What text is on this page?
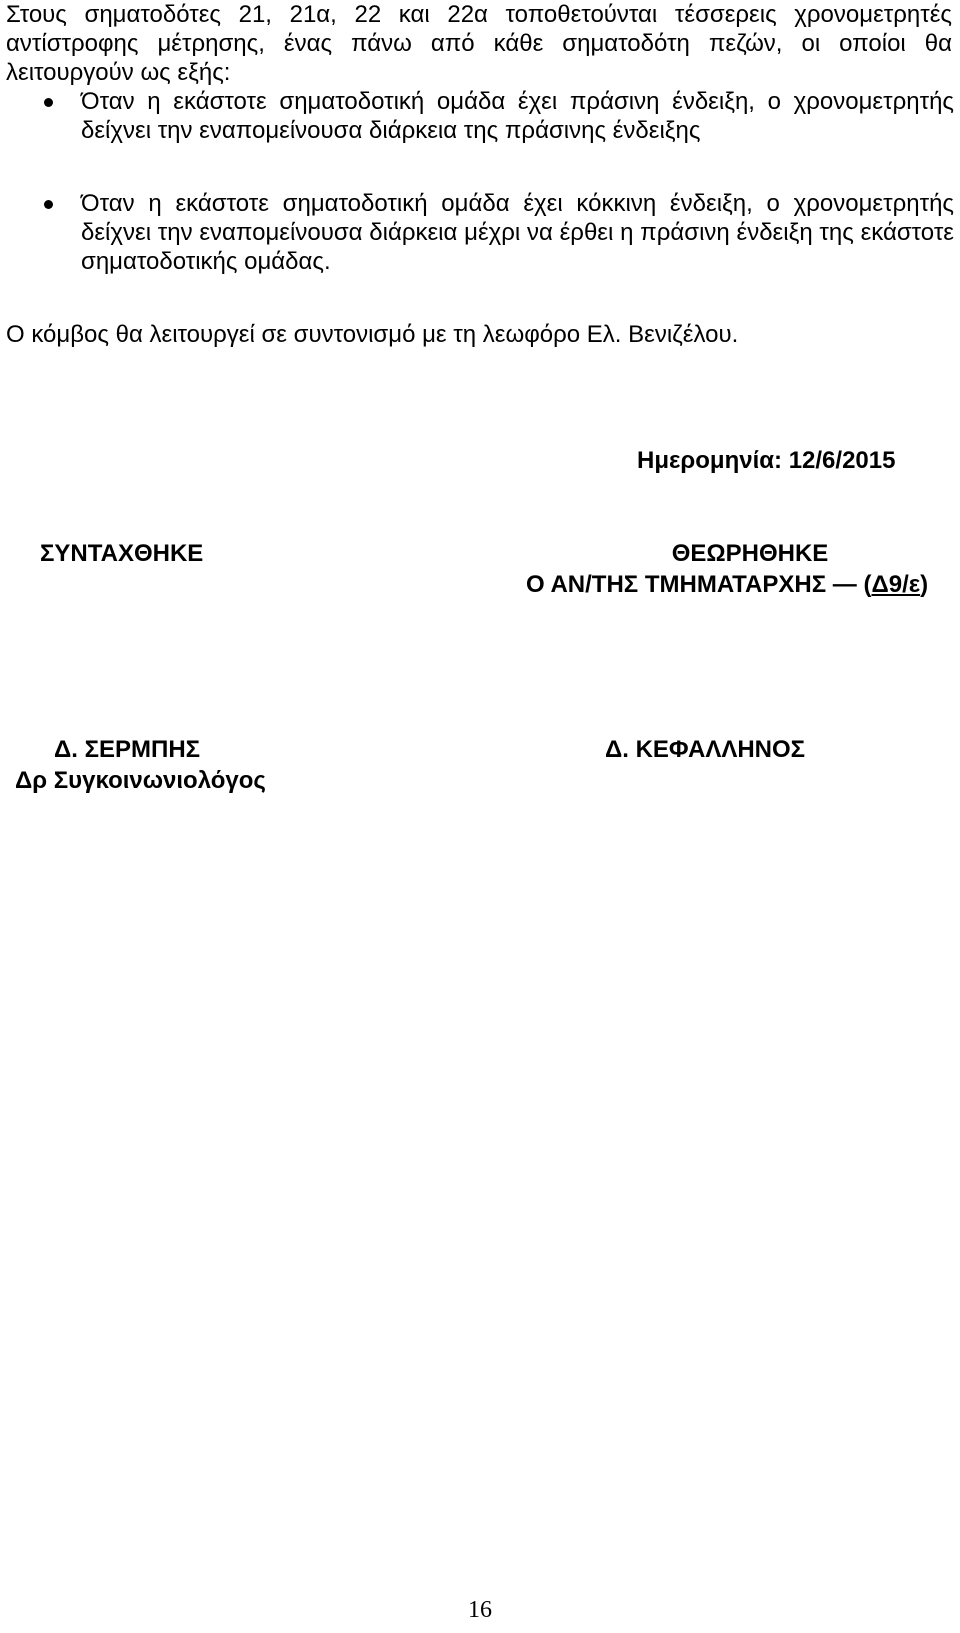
Στους σηματοδότες 21, 21α, 22 και 22α τοποθετούνται τέσσερεις χρονομετρητές αντίστροφης μέτρησης, ένας πάνω από κάθε σηματοδότη πεζών, οι οποίοι θα λειτουργούν ως εξής:

Όταν η εκάστοτε σηματοδοτική ομάδα έχει πράσινη ένδειξη, ο χρονομετρητής δείχνει την εναπομείνουσα διάρκεια της πράσινης ένδειξης
Όταν η εκάστοτε σηματοδοτική ομάδα έχει κόκκινη ένδειξη, ο χρονομετρητής δείχνει την εναπομείνουσα διάρκεια μέχρι να έρθει η πράσινη ένδειξη της εκάστοτε σηματοδοτικής ομάδας.

Ο κόμβος θα λειτουργεί σε συντονισμό με τη λεωφόρο Ελ. Βενιζέλου.

Ημερομηνία: 12/6/2015
ΣΥΝΤΑΧΘΗΚΕ	ΘΕΩΡΗΘΗΚΕ
Ο ΑΝ/ΤΗΣ ΤΜΗΜΑΤΑΡΧΗΣ — (Δ9/ε)
Δ. ΣΕΡΜΠΗΣ
Δρ Συγκοινωνιολόγος
Δ. ΚΕΦΑΛΛΗΝΟΣ
16
